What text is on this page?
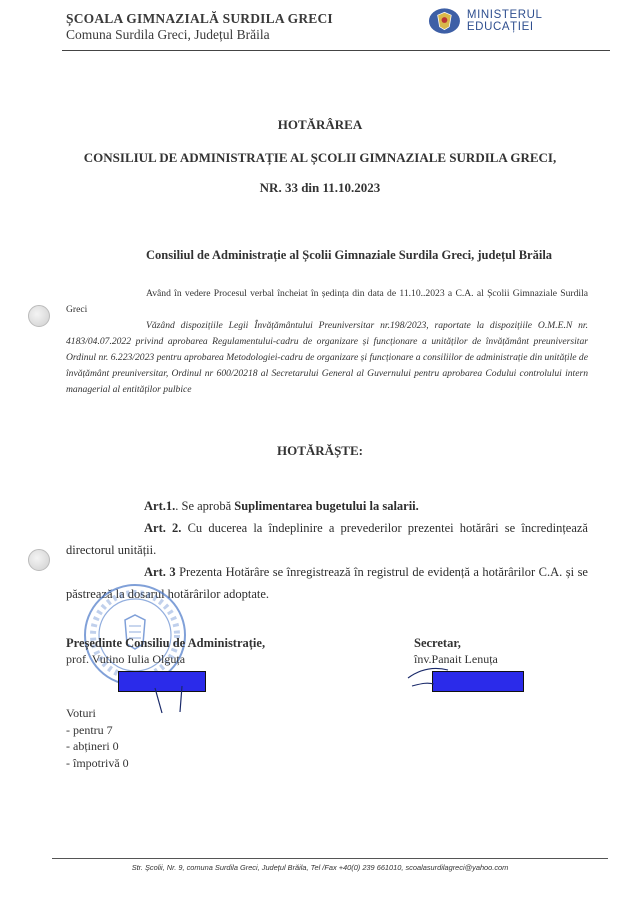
ȘCOALA GIMNAZIALĂ SURDILA GRECI
Comuna Surdila Greci, Județul Brăila
MINISTERUL EDUCAȚIEI
HOTĂRÂREA
CONSILIUL DE ADMINISTRAȚIE AL ȘCOLII GIMNAZIALE SURDILA GRECI,
NR. 33 din 11.10.2023
Consiliul de Administrație al Școlii Gimnaziale Surdila Greci, județul Brăila
Având în vedere Procesul verbal încheiat în ședința din data de 11.10..2023 a C.A. al Școlii Gimnaziale Surdila Greci
Văzând dispozițiile Legii Învățământului Preuniversitar nr.198/2023, raportate la dispozițiile O.M.E.N nr. 4183/04.07.2022 privind aprobarea Regulamentului-cadru de organizare și funcționare a unităților de învățământ preuniversitar Ordinul nr. 6.223/2023 pentru aprobarea Metodologiei-cadru de organizare și funcționare a consiliilor de administrație din unitățile de învățământ preuniversitar, Ordinul nr 600/20218 al Secretarului General al Guvernului pentru aprobarea Codului controlului intern managerial al entităților pulbice
HOTĂRĂȘTE:
Art.1.. Se aprobă Suplimentarea bugetului la salarii.
Art. 2. Cu ducerea la îndeplinire a prevederilor prezentei hotărâri se încredințează directorul unității.
Art. 3 Prezenta Hotărâre se înregistrează în registrul de evidență a hotărârilor C.A. și se păstrează la dosarul hotărârilor adoptate.
Președinte Consiliu de Administrație,
prof. Vutino Iulia Olguța
Secretar,
înv.Panait Lenuța
Voturi
- pentru 7
- abțineri 0
- împotrivă 0
Str. Școlii, Nr. 9, comuna Surdila Greci, Județul Brăila, Tel /Fax +40(0) 239 661010, scoalasurdilagreci@yahoo.com
